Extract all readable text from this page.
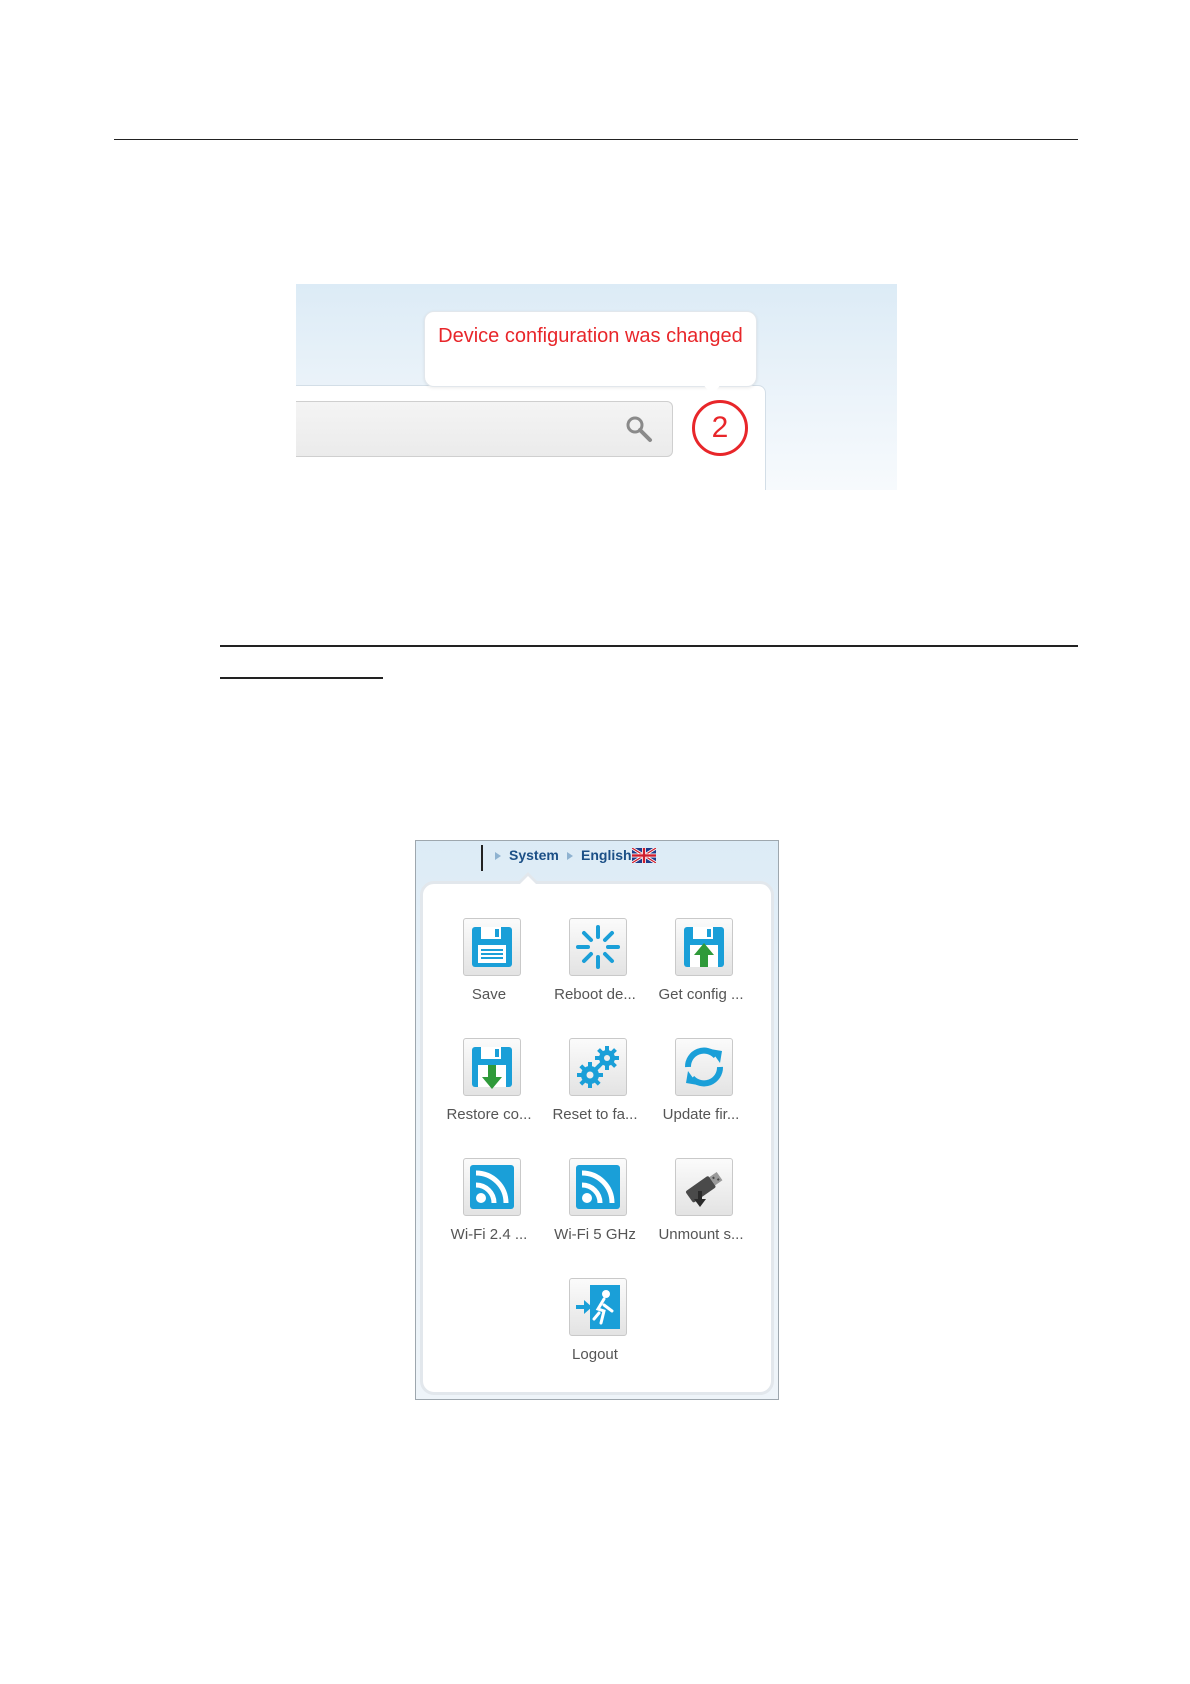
Device configuration was changed
2
System English
Save	Reboot de...	Get config ...
Restore co...	Reset to fa...	Update fir...
Wi-Fi 2.4 ...	Wi-Fi 5 GHz	Unmount s...
Logout
